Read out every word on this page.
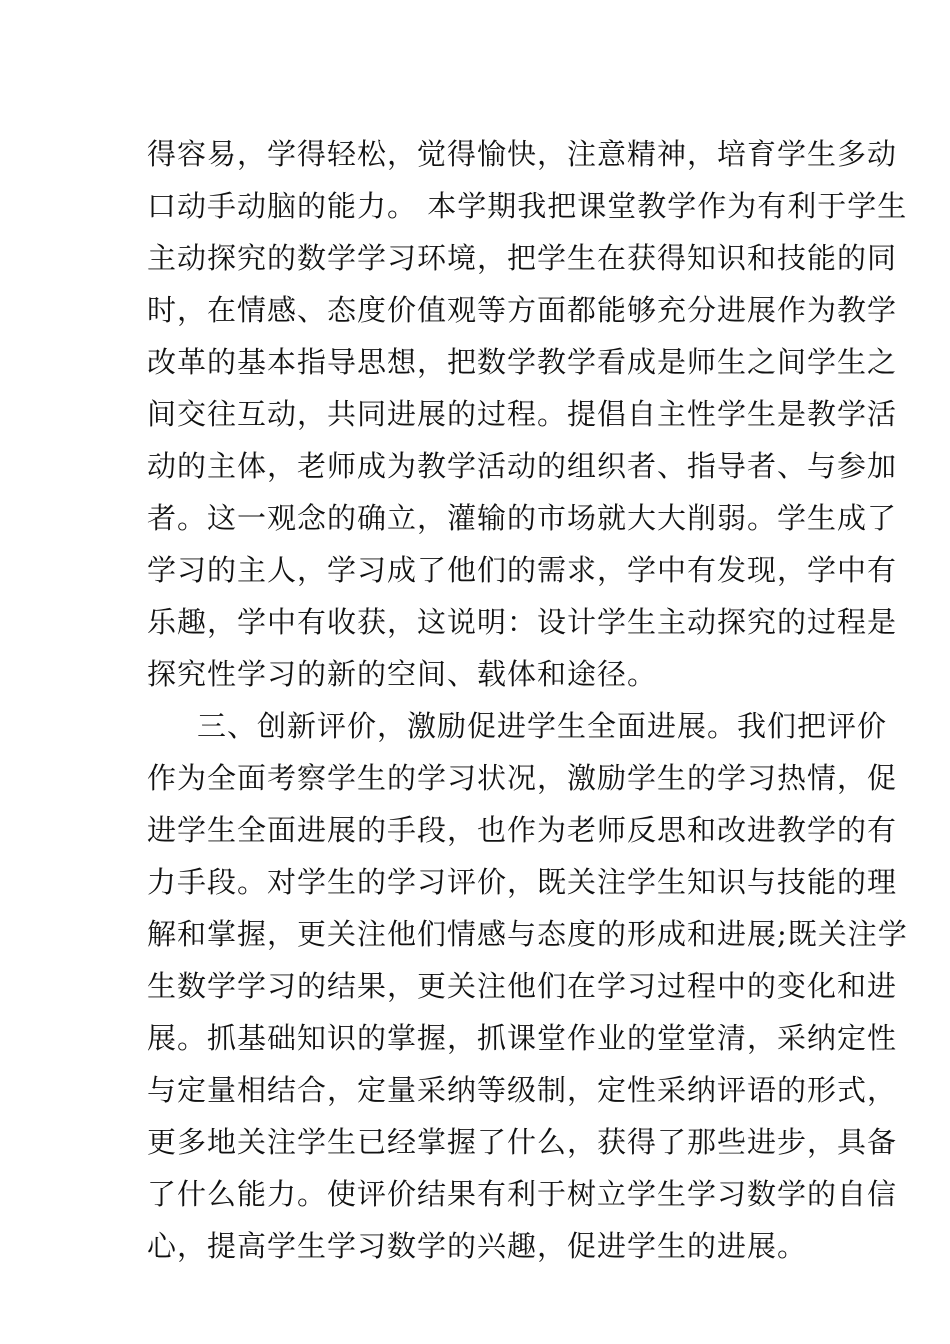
得容易，学得轻松，觉得愉快，注意精神，培育学生多动
口动手动脑的能力。 本学期我把课堂教学作为有利于学生
主动探究的数学学习环境，把学生在获得知识和技能的同
时，在情感、态度价值观等方面都能够充分进展作为教学
改革的基本指导思想，把数学教学看成是师生之间学生之
间交往互动，共同进展的过程。提倡自主性学生是教学活
动的主体，老师成为教学活动的组织者、指导者、与参加
者。这一观念的确立，灌输的市场就大大削弱。学生成了
学习的主人，学习成了他们的需求，学中有发现，学中有
乐趣，学中有收获，这说明：设计学生主动探究的过程是
探究性学习的新的空间、载体和途径。

三、创新评价，激励促进学生全面进展。我们把评价
作为全面考察学生的学习状况，激励学生的学习热情，促
进学生全面进展的手段，也作为老师反思和改进教学的有
力手段。对学生的学习评价，既关注学生知识与技能的理
解和掌握，更关注他们情感与态度的形成和进展;既关注学
生数学学习的结果，更关注他们在学习过程中的变化和进
展。抓基础知识的掌握，抓课堂作业的堂堂清，采纳定性
与定量相结合，定量采纳等级制，定性采纳评语的形式，
更多地关注学生已经掌握了什么，获得了那些进步，具备
了什么能力。使评价结果有利于树立学生学习数学的自信
心，提高学生学习数学的兴趣，促进学生的进展。
